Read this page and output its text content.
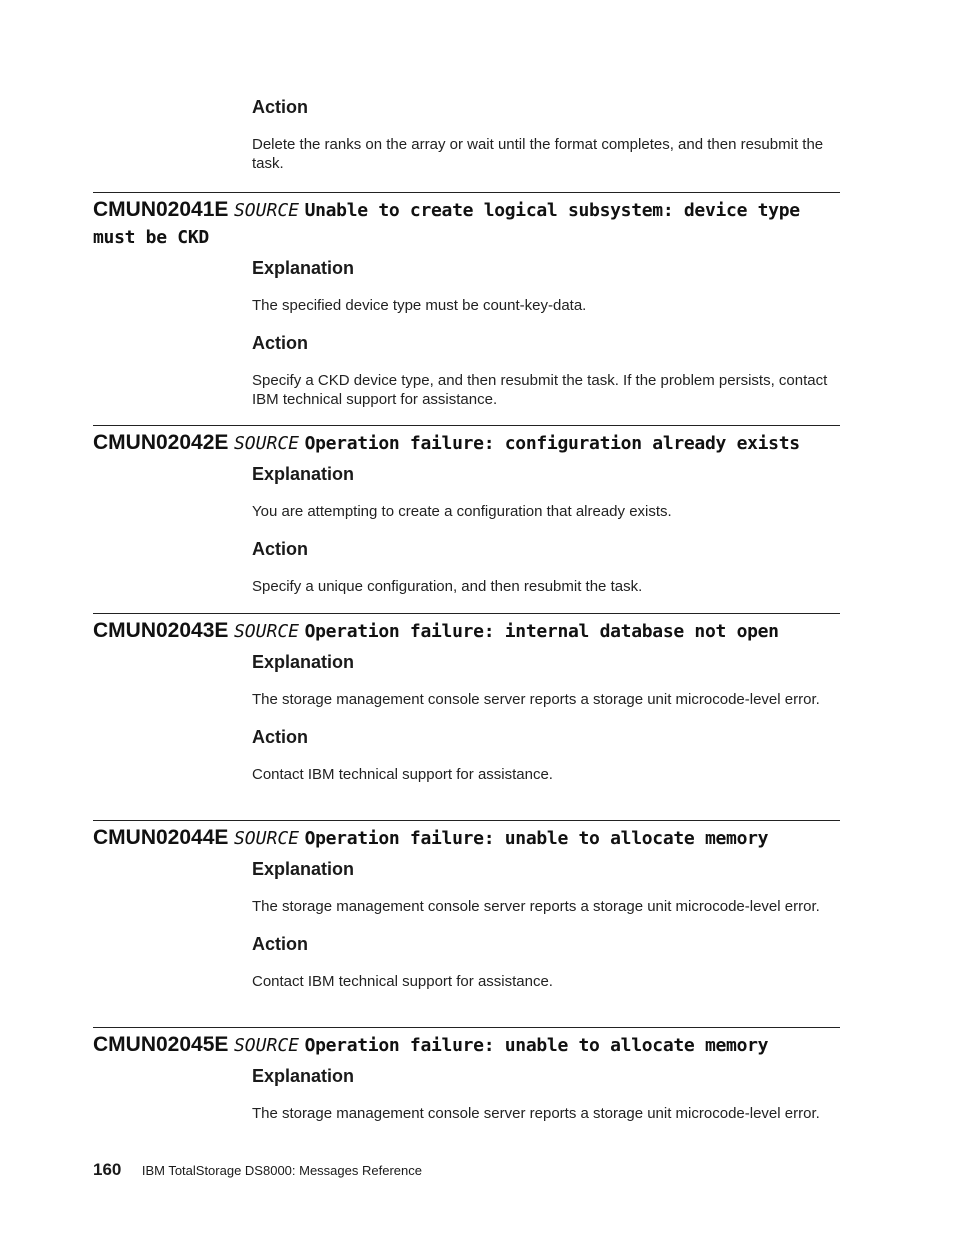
Action

Delete the ranks on the array or wait until the format completes, and then resubmit the task.

CMUN02041E SOURCE Unable to create logical subsystem: device type must be CKD

Explanation

The specified device type must be count-key-data.

Action

Specify a CKD device type, and then resubmit the task. If the problem persists, contact IBM technical support for assistance.

CMUN02042E SOURCE Operation failure: configuration already exists

Explanation

You are attempting to create a configuration that already exists.

Action

Specify a unique configuration, and then resubmit the task.

CMUN02043E SOURCE Operation failure: internal database not open

Explanation

The storage management console server reports a storage unit microcode-level error.

Action

Contact IBM technical support for assistance.

CMUN02044E SOURCE Operation failure: unable to allocate memory

Explanation

The storage management console server reports a storage unit microcode-level error.

Action

Contact IBM technical support for assistance.

CMUN02045E SOURCE Operation failure: unable to allocate memory

Explanation

The storage management console server reports a storage unit microcode-level error.

160 IBM TotalStorage DS8000: Messages Reference
